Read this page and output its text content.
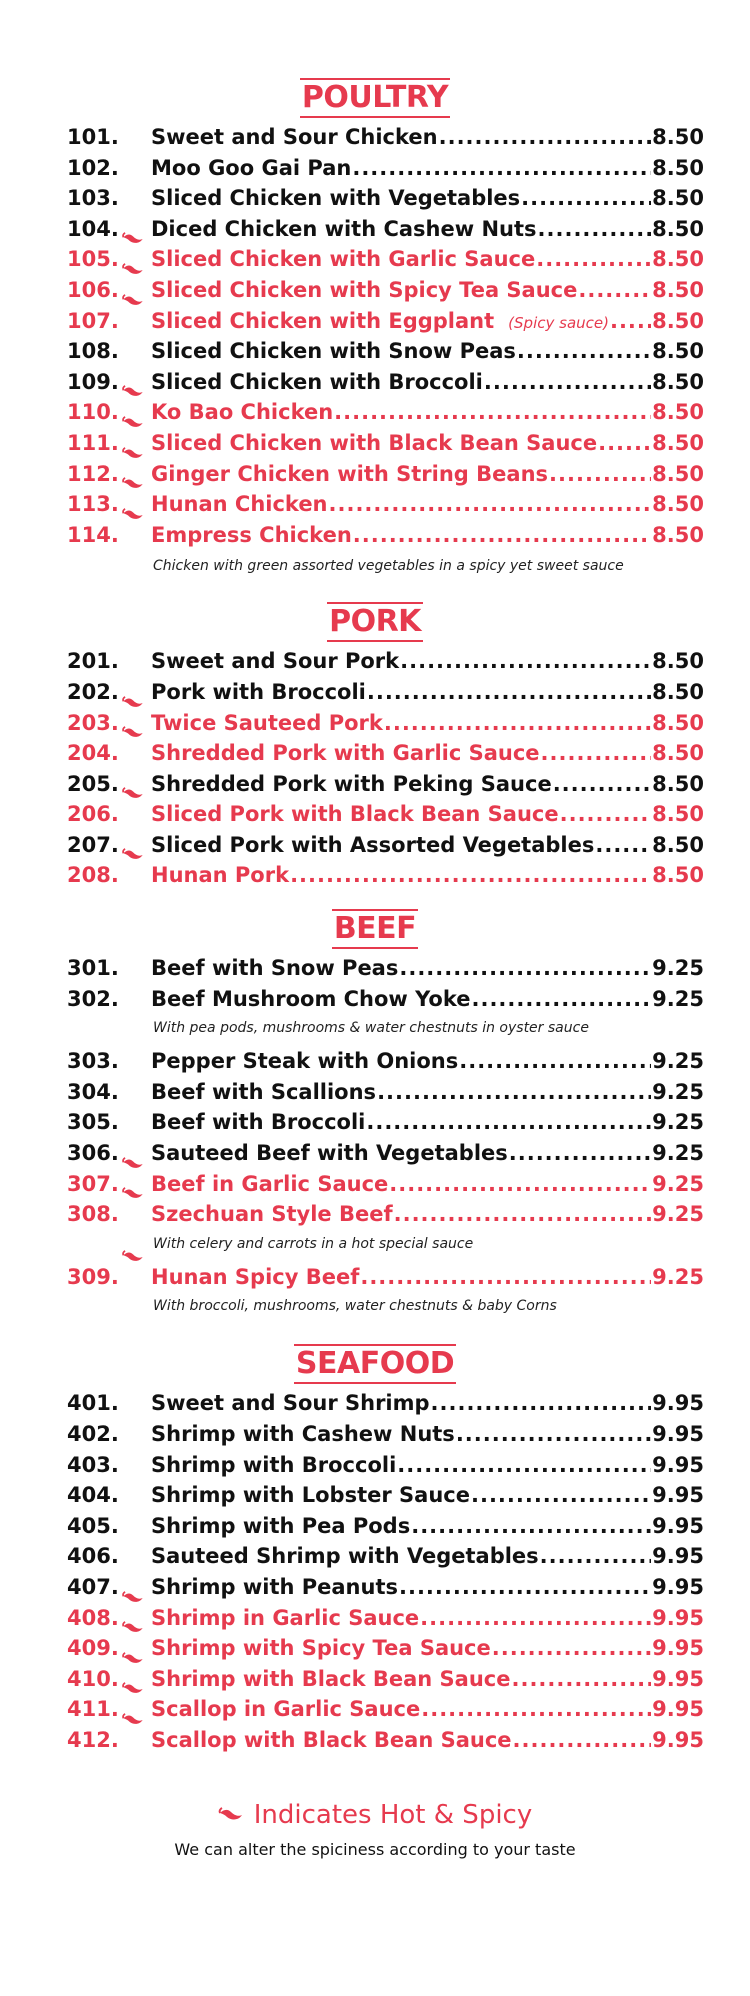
POULTRY
101. Sweet and Sour Chicken .....	8.50
102. Moo Goo Gai Pan .....	8.50
103. Sliced Chicken with Vegetables .....	8.50
104. Diced Chicken with Cashew Nuts .....	8.50
105. Sliced Chicken with Garlic Sauce .....	8.50
106. Sliced Chicken with Spicy Tea Sauce .....	8.50
107. Sliced Chicken with Eggplant (Spicy sauce) ..... 8.50
108. Sliced Chicken with Snow Peas .....	8.50
109. Sliced Chicken with Broccoli .....	8.50
110. Ko Bao Chicken .....	8.50
111. Sliced Chicken with Black Bean Sauce .....	8.50
112. Ginger Chicken with String Beans .....	8.50
113. Hunan Chicken .....	8.50
114. Empress Chicken .....	8.50
Chicken with green assorted vegetables in a spicy yet sweet sauce
PORK
201. Sweet and Sour Pork .....	8.50
202. Pork with Broccoli .....	8.50
203. Twice Sauteed Pork .....	8.50
204. Shredded Pork with Garlic Sauce .....	8.50
205. Shredded Pork with Peking Sauce .....	8.50
206. Sliced Pork with Black Bean Sauce .....	8.50
207. Sliced Pork with Assorted Vegetables .....	8.50
208. Hunan Pork .....	8.50
BEEF
301. Beef with Snow Peas .....	9.25
302. Beef Mushroom Chow Yoke .....	9.25
With pea pods, mushrooms & water chestnuts in oyster sauce
303. Pepper Steak with Onions .....	9.25
304. Beef with Scallions .....	9.25
305. Beef with Broccoli .....	9.25
306. Sauteed Beef with Vegetables .....	9.25
307. Beef in Garlic Sauce .....	9.25
308. Szechuan Style Beef .....	9.25
With celery and carrots in a hot special sauce
309. Hunan Spicy Beef .....	9.25
With broccoli, mushrooms, water chestnuts & baby Corns
SEAFOOD
401. Sweet and Sour Shrimp .....	9.95
402. Shrimp with Cashew Nuts .....	9.95
403. Shrimp with Broccoli .....	9.95
404. Shrimp with Lobster Sauce .....	9.95
405. Shrimp with Pea Pods .....	9.95
406. Sauteed Shrimp with Vegetables .....	9.95
407. Shrimp with Peanuts .....	9.95
408. Shrimp in Garlic Sauce .....	9.95
409. Shrimp with Spicy Tea Sauce .....	9.95
410. Shrimp with Black Bean Sauce .....	9.95
411. Scallop in Garlic Sauce .....	9.95
412. Scallop with Black Bean Sauce .....	9.95
Indicates Hot & Spicy
We can alter the spiciness according to your taste
